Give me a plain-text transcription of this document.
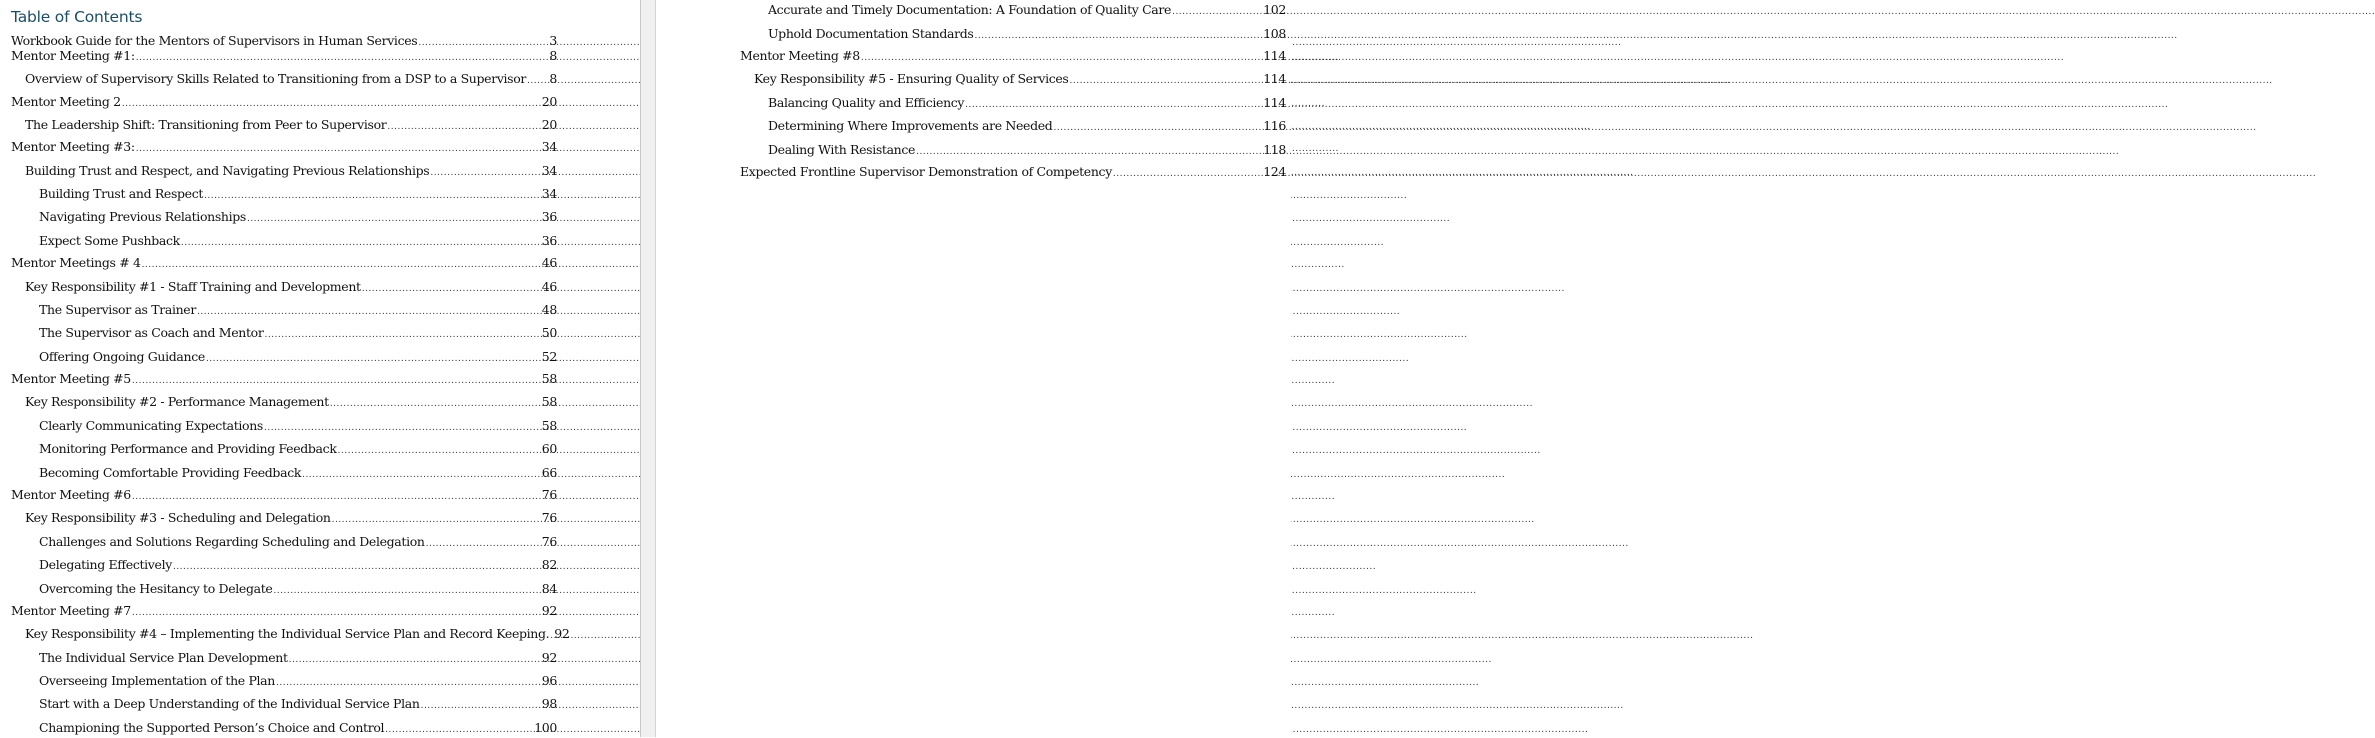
Table of Contents
Workbook Guide for the Mentors of Supervisors in Human Services .....	3
Mentor Meeting #1: .....	8
Overview of Supervisory Skills Related to Transitioning from a DSP to a Supervisor ..... 8
Mentor Meeting 2 .....	20
The Leadership Shift: Transitioning from Peer to Supervisor .....	20
Mentor Meeting #3: .....	34
Building Trust and Respect, and Navigating Previous Relationships .....	34
Building Trust and Respect .....	34
Navigating Previous Relationships .....	36
Expect Some Pushback .....	36
Mentor Meetings # 4 .....	46
Key Responsibility #1 - Staff Training and Development .....	46
The Supervisor as Trainer .....	48
The Supervisor as Coach and Mentor .....	50
Offering Ongoing Guidance .....	52
Mentor Meeting #5 .....	58
Key Responsibility #2 - Performance Management .....	58
Clearly Communicating Expectations .....	58
Monitoring Performance and Providing Feedback .....	60
Becoming Comfortable Providing Feedback .....	66
Mentor Meeting #6 .....	76
Key Responsibility #3 - Scheduling and Delegation .....	76
Challenges and Solutions Regarding Scheduling and Delegation .....	76
Delegating Effectively .....	82
Overcoming the Hesitancy to Delegate .....	84
Mentor Meeting #7 .....	92
Key Responsibility #4 – Implementing the Individual Service Plan and Record Keeping. ..... 92
The Individual Service Plan Development .....	92
Overseeing Implementation of the Plan .....	96
Start with a Deep Understanding of the Individual Service Plan .....	98
Championing the Supported Person’s Choice and Control .....	100
Accurate and Timely Documentation: A Foundation of Quality Care .....	102
Uphold Documentation Standards .....	108
Mentor Meeting #8 .....	114
Key Responsibility #5 - Ensuring Quality of Services .....	114
Balancing Quality and Efficiency .....	114
Determining Where Improvements are Needed .....	116
Dealing With Resistance .....	118
Expected Frontline Supervisor Demonstration of Competency .....	124
